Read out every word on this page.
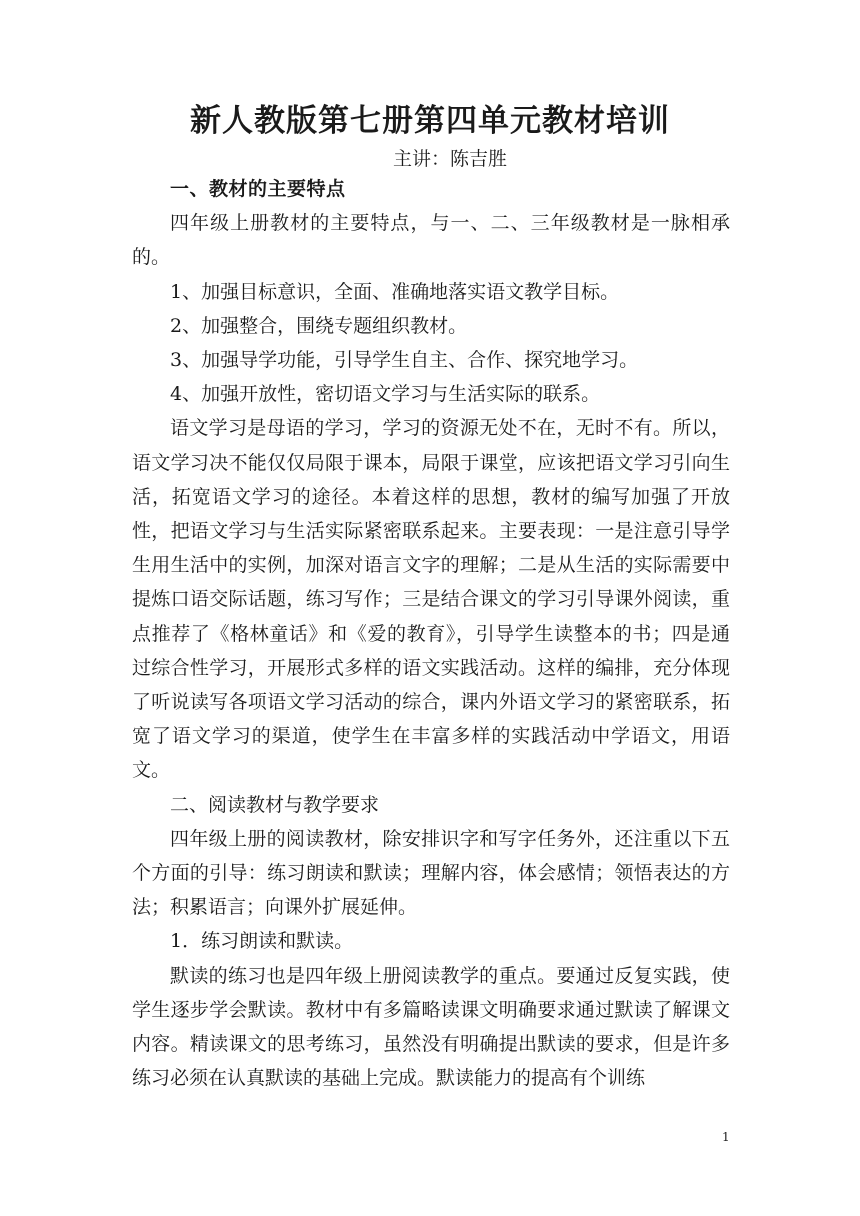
新人教版第七册第四单元教材培训
主讲：陈吉胜

一、教材的主要特点

四年级上册教材的主要特点，与一、二、三年级教材是一脉相承的。

1、加强目标意识，全面、准确地落实语文教学目标。

2、加强整合，围绕专题组织教材。

3、加强导学功能，引导学生自主、合作、探究地学习。

4、加强开放性，密切语文学习与生活实际的联系。

语文学习是母语的学习，学习的资源无处不在，无时不有。所以，语文学习决不能仅仅局限于课本，局限于课堂，应该把语文学习引向生活，拓宽语文学习的途径。本着这样的思想，教材的编写加强了开放性，把语文学习与生活实际紧密联系起来。主要表现：一是注意引导学生用生活中的实例，加深对语言文字的理解；二是从生活的实际需要中提炼口语交际话题，练习写作；三是结合课文的学习引导课外阅读，重点推荐了《格林童话》和《爱的教育》，引导学生读整本的书；四是通过综合性学习，开展形式多样的语文实践活动。这样的编排，充分体现了听说读写各项语文学习活动的综合，课内外语文学习的紧密联系，拓宽了语文学习的渠道，使学生在丰富多样的实践活动中学语文，用语文。

二、阅读教材与教学要求

四年级上册的阅读教材，除安排识字和写字任务外，还注重以下五个方面的引导：练习朗读和默读；理解内容，体会感情；领悟表达的方法；积累语言；向课外扩展延伸。

1．练习朗读和默读。

默读的练习也是四年级上册阅读教学的重点。要通过反复实践，使学生逐步学会默读。教材中有多篇略读课文明确要求通过默读了解课文内容。精读课文的思考练习，虽然没有明确提出默读的要求，但是许多练习必须在认真默读的基础上完成。默读能力的提高有个训练

1
